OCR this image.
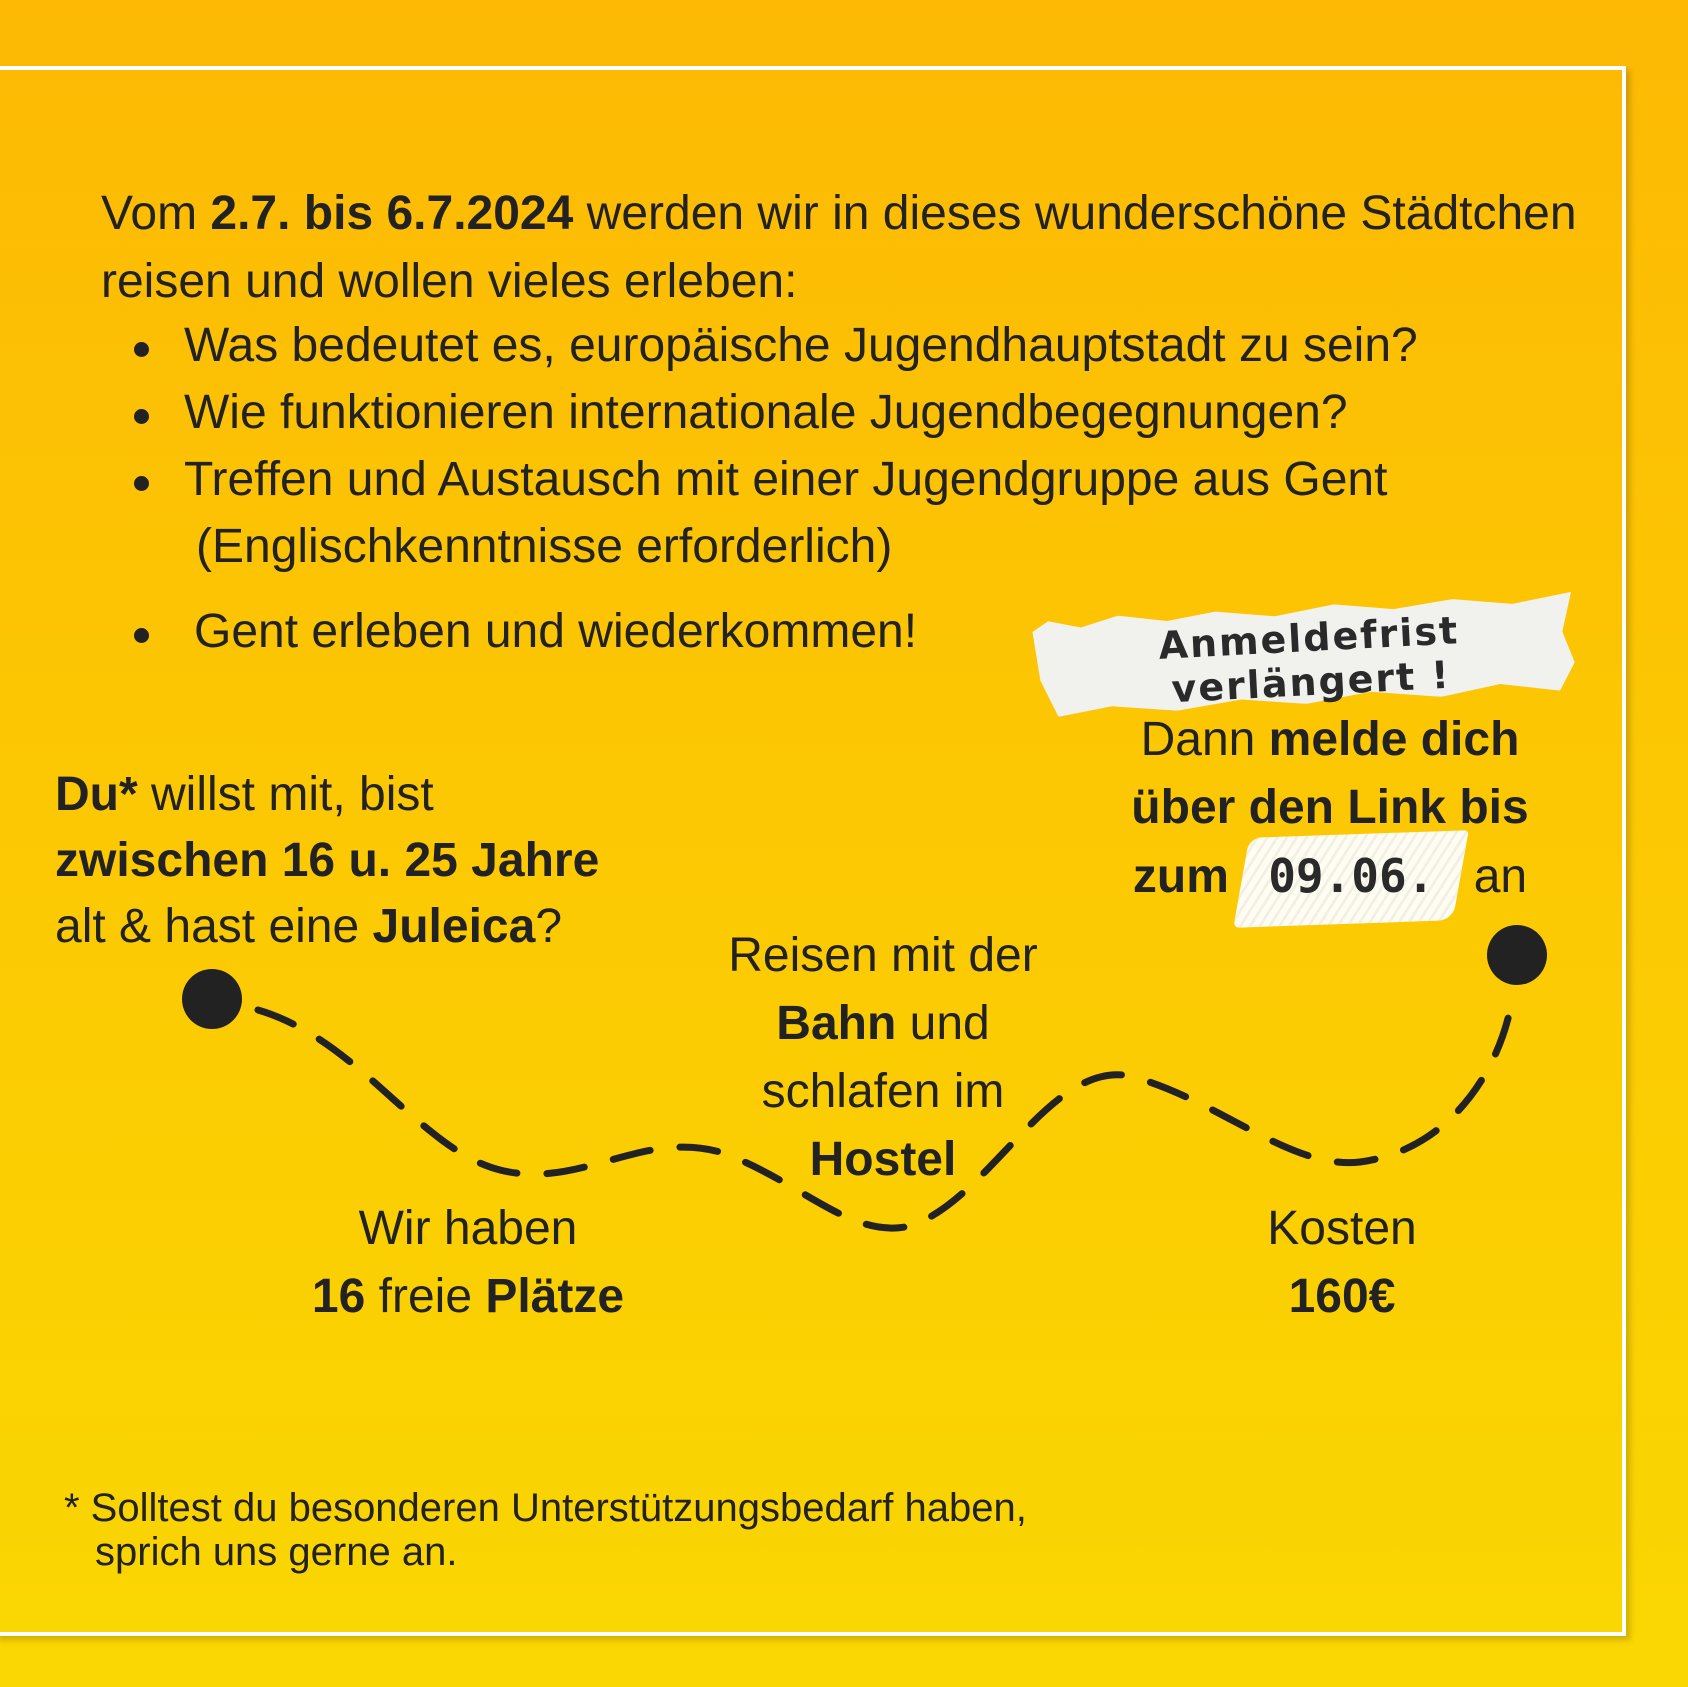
Vom 2.7. bis 6.7.2024 werden wir in dieses wunderschöne Städtchen reisen und wollen vieles erleben:

Was bedeutet es, europäische Jugendhauptstadt zu sein?
Wie funktionieren internationale Jugendbegegnungen?
Treffen und Austausch mit einer Jugendgruppe aus Gent
(Englischkenntnisse erforderlich)
Gent erleben und wiederkommen!	Anmeldefrist verlängert !

Du* willst mit, bist
zwischen 16 u. 25 Jahre
alt & hast eine Juleica?

Dann melde dich
über den Link bis
zum 09.06. an

Reisen mit der
Bahn und
schlafen im
Hostel

Wir haben
16 freie Plätze

Kosten
160€

* Solltest du besonderen Unterstützungsbedarf haben,
sprich uns gerne an.
